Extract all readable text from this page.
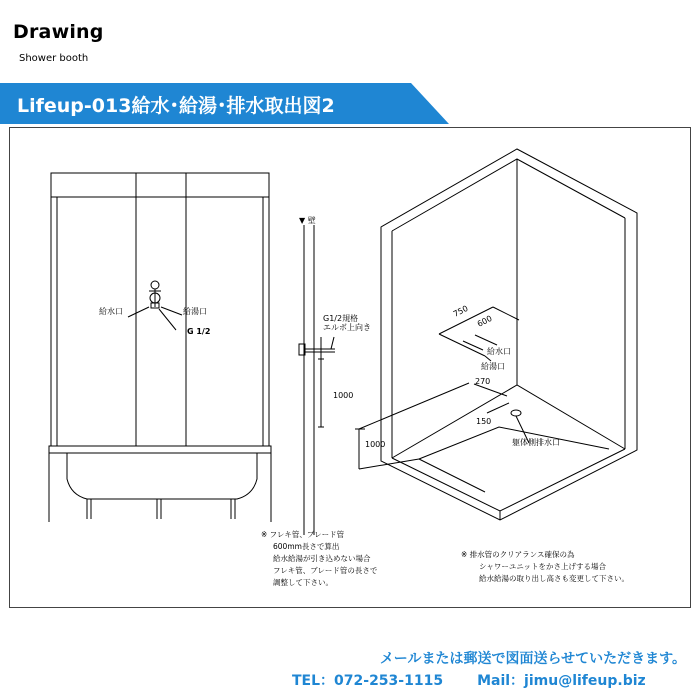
Drawing
Shower booth
Lifeup-013給水･給湯･排水取出図2
給水口	給湯口
G 1/2
▼ 壁
G1/2規格
エルボ上向き
1000
750
600
給水口
給湯口
270
150
躯体側排水口
1000
※ フレキ管、ブレード管
600mm長さで算出
給水給湯が引き込めない場合
フレキ管、ブレード管の長さで
調整して下さい。
※ 排水管のクリアランス確保の為
シャワーユニットをかさ上げする場合
給水給湯の取り出し高さも変更して下さい。
メールまたは郵送で図面送らせていただきます。
TEL：072-253-1115 Mail：jimu@lifeup.biz
